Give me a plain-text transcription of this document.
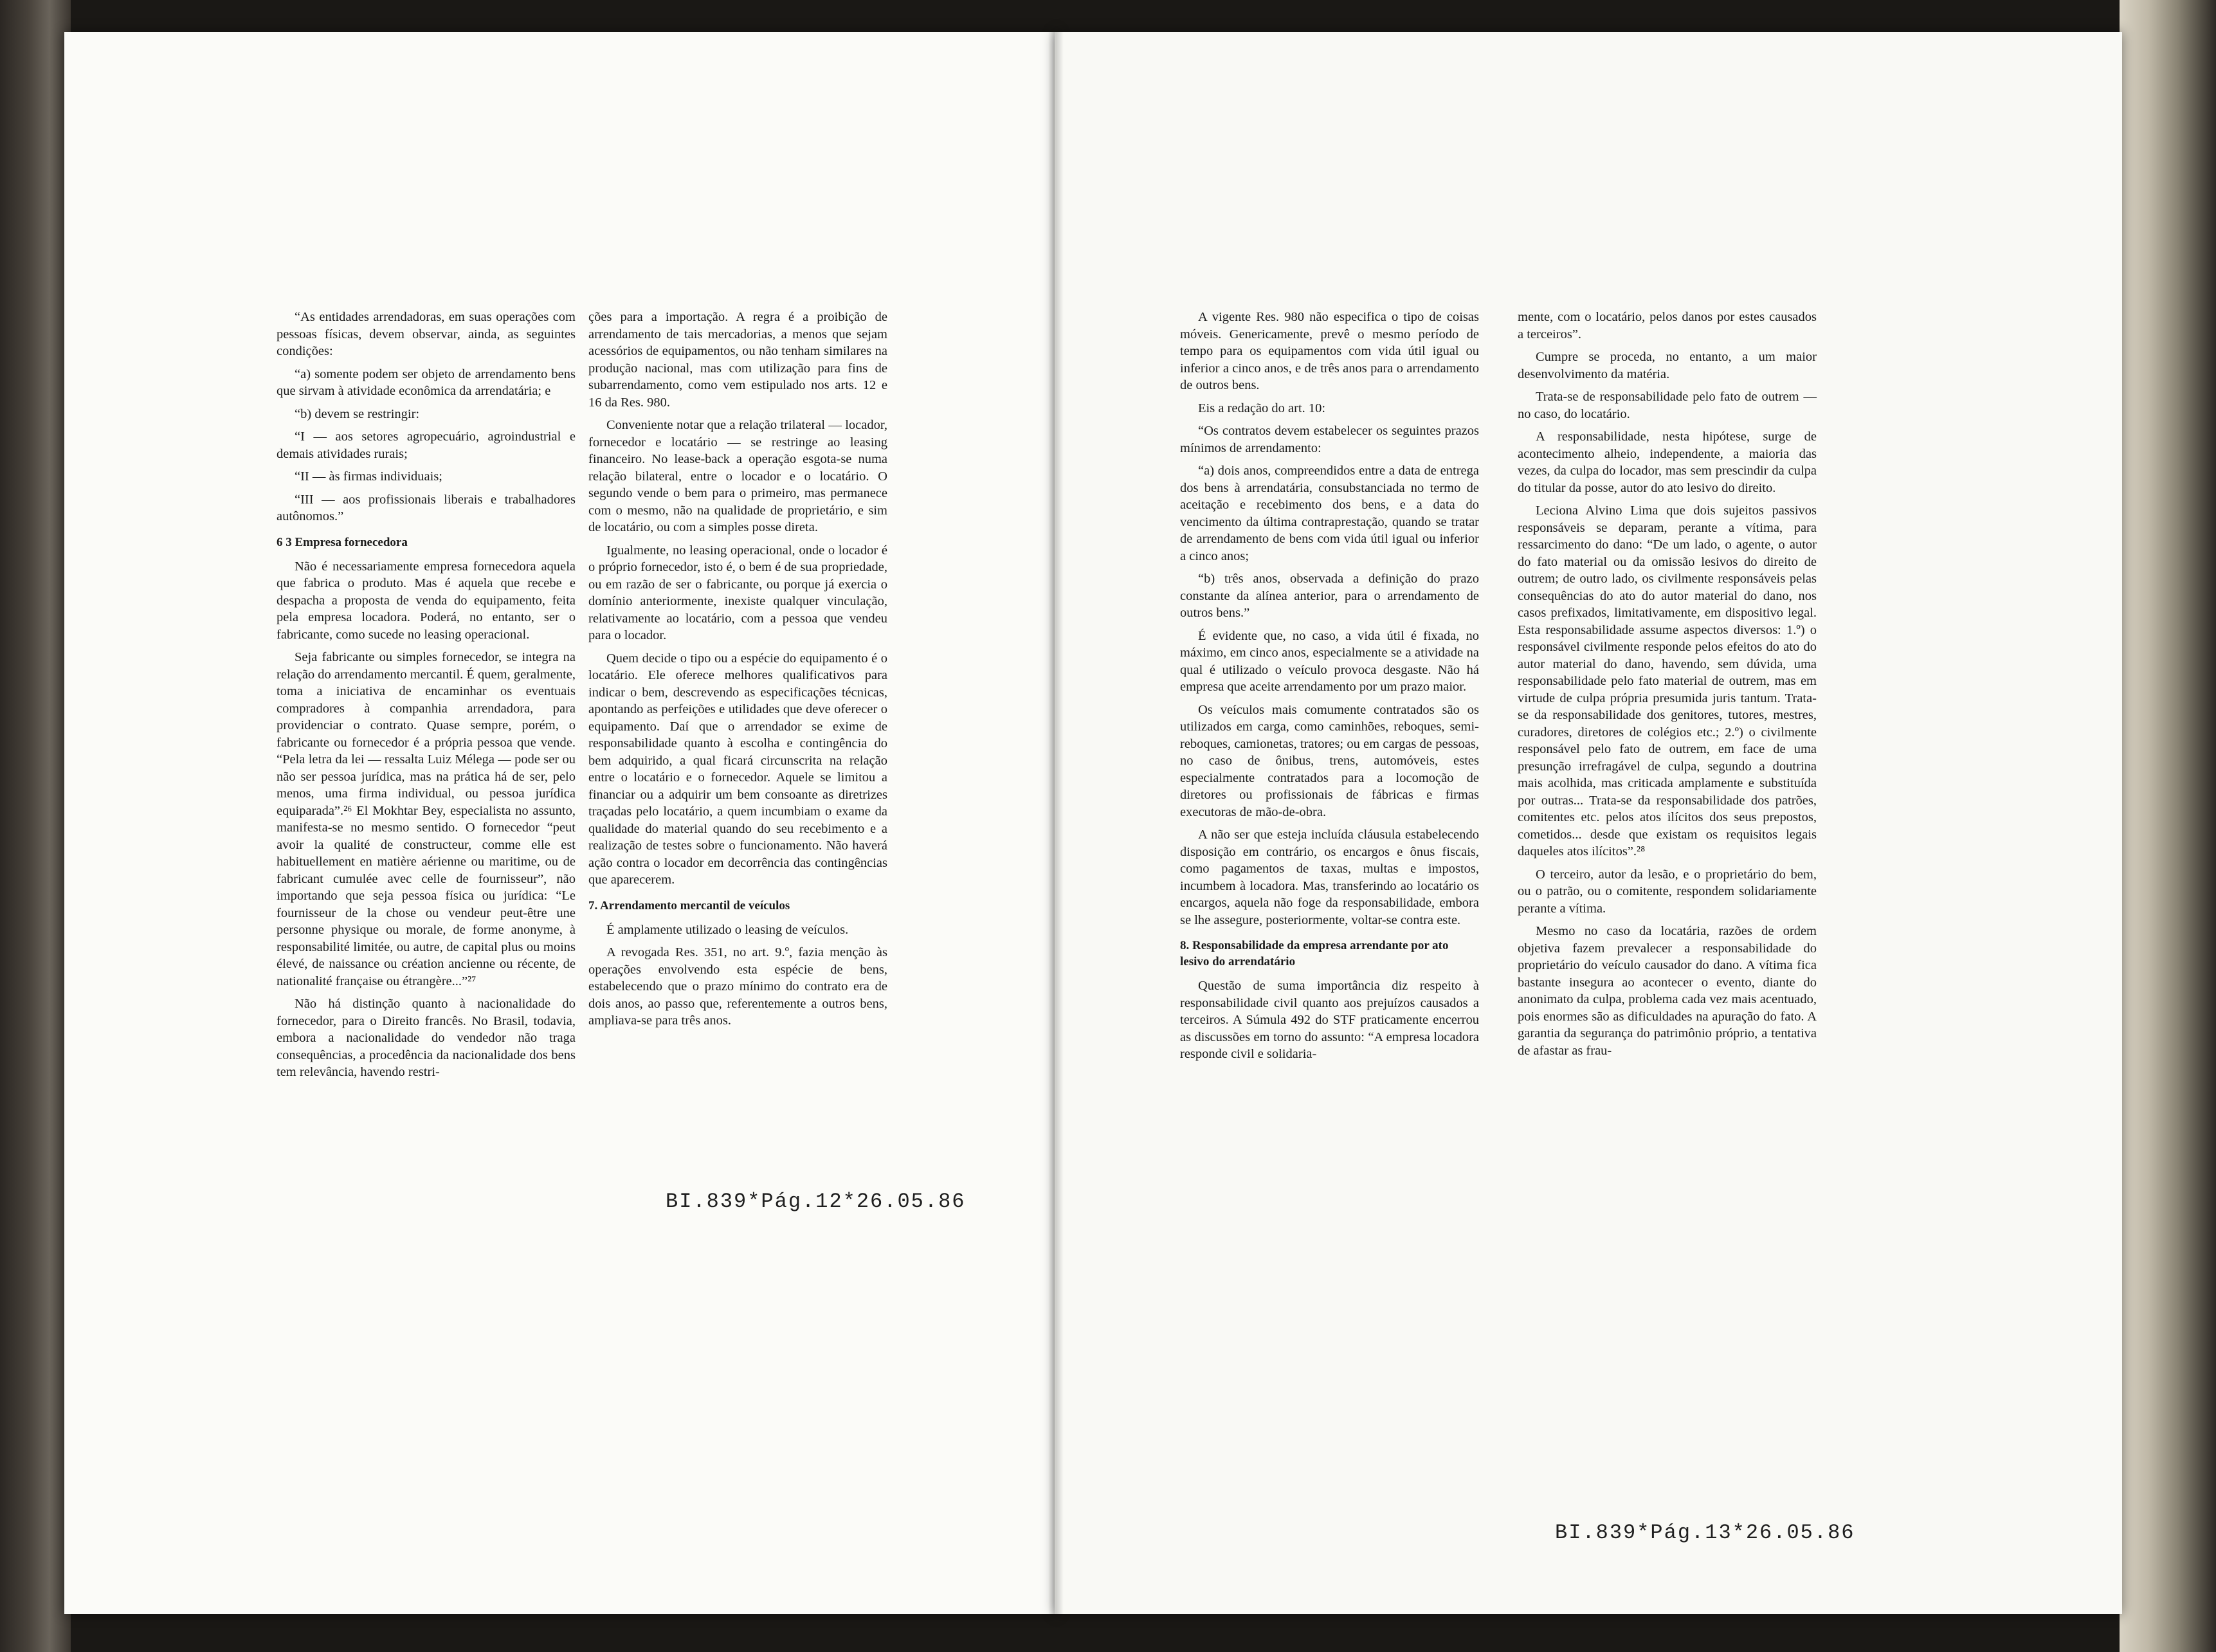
“As entidades arrendadoras, em suas operações com pessoas físicas, devem observar, ainda, as seguintes condições:

“a) somente podem ser objeto de arrendamento bens que sirvam à atividade econômica da arrendatária; e

“b) devem se restringir:

“I — aos setores agropecuário, agroindustrial e demais atividades rurais;

“II — às firmas individuais;

“III — aos profissionais liberais e trabalhadores autônomos.”

6 3 Empresa fornecedora

Não é necessariamente empresa fornecedora aquela que fabrica o produto. Mas é aquela que recebe e despacha a proposta de venda do equipamento, feita pela empresa locadora. Poderá, no entanto, ser o fabricante, como sucede no leasing operacional.

Seja fabricante ou simples fornecedor, se integra na relação do arrendamento mercantil. É quem, geralmente, toma a iniciativa de encaminhar os eventuais compradores à companhia arrendadora, para providenciar o contrato. Quase sempre, porém, o fabricante ou fornecedor é a própria pessoa que vende. “Pela letra da lei — ressalta Luiz Mélega — pode ser ou não ser pessoa jurídica, mas na prática há de ser, pelo menos, uma firma individual, ou pessoa jurídica equiparada”.²⁶ El Mokhtar Bey, especialista no assunto, manifesta-se no mesmo sentido. O fornecedor “peut avoir la qualité de constructeur, comme elle est habituellement en matière aérienne ou maritime, ou de fabricant cumulée avec celle de fournisseur”, não importando que seja pessoa física ou jurídica: “Le fournisseur de la chose ou vendeur peut-être une personne physique ou morale, de forme anonyme, à responsabilité limitée, ou autre, de capital plus ou moins élevé, de naissance ou création ancienne ou récente, de nationalité française ou étrangère...”²⁷

Não há distinção quanto à nacionalidade do fornecedor, para o Direito francês. No Brasil, todavia, embora a nacionalidade do vendedor não traga consequências, a procedência da nacionalidade dos bens tem relevância, havendo restri-

ções para a importação. A regra é a proibição de arrendamento de tais mercadorias, a menos que sejam acessórios de equipamentos, ou não tenham similares na produção nacional, mas com utilização para fins de subarrendamento, como vem estipulado nos arts. 12 e 16 da Res. 980.

Conveniente notar que a relação trilateral — locador, fornecedor e locatário — se restringe ao leasing financeiro. No lease-back a operação esgota-se numa relação bilateral, entre o locador e o locatário. O segundo vende o bem para o primeiro, mas permanece com o mesmo, não na qualidade de proprietário, e sim de locatário, ou com a simples posse direta.

Igualmente, no leasing operacional, onde o locador é o próprio fornecedor, isto é, o bem é de sua propriedade, ou em razão de ser o fabricante, ou porque já exercia o domínio anteriormente, inexiste qualquer vinculação, relativamente ao locatário, com a pessoa que vendeu para o locador.

Quem decide o tipo ou a espécie do equipamento é o locatário. Ele oferece melhores qualificativos para indicar o bem, descrevendo as especificações técnicas, apontando as perfeições e utilidades que deve oferecer o equipamento. Daí que o arrendador se exime de responsabilidade quanto à escolha e contingência do bem adquirido, a qual ficará circunscrita na relação entre o locatário e o fornecedor. Aquele se limitou a financiar ou a adquirir um bem consoante as diretrizes traçadas pelo locatário, a quem incumbiam o exame da qualidade do material quando do seu recebimento e a realização de testes sobre o funcionamento. Não haverá ação contra o locador em decorrência das contingências que aparecerem.

7. Arrendamento mercantil de veículos

É amplamente utilizado o leasing de veículos.

A revogada Res. 351, no art. 9.º, fazia menção às operações envolvendo esta espécie de bens, estabelecendo que o prazo mínimo do contrato era de dois anos, ao passo que, referentemente a outros bens, ampliava-se para três anos.

A vigente Res. 980 não especifica o tipo de coisas móveis. Genericamente, prevê o mesmo período de tempo para os equipamentos com vida útil igual ou inferior a cinco anos, e de três anos para o arrendamento de outros bens.

Eis a redação do art. 10:

“Os contratos devem estabelecer os seguintes prazos mínimos de arrendamento:

“a) dois anos, compreendidos entre a data de entrega dos bens à arrendatária, consubstanciada no termo de aceitação e recebimento dos bens, e a data do vencimento da última contraprestação, quando se tratar de arrendamento de bens com vida útil igual ou inferior a cinco anos;

“b) três anos, observada a definição do prazo constante da alínea anterior, para o arrendamento de outros bens.”

É evidente que, no caso, a vida útil é fixada, no máximo, em cinco anos, especialmente se a atividade na qual é utilizado o veículo provoca desgaste. Não há empresa que aceite arrendamento por um prazo maior.

Os veículos mais comumente contratados são os utilizados em carga, como caminhões, reboques, semi-reboques, camionetas, tratores; ou em cargas de pessoas, no caso de ônibus, trens, automóveis, estes especialmente contratados para a locomoção de diretores ou profissionais de fábricas e firmas executoras de mão-de-obra.

A não ser que esteja incluída cláusula estabelecendo disposição em contrário, os encargos e ônus fiscais, como pagamentos de taxas, multas e impostos, incumbem à locadora. Mas, transferindo ao locatário os encargos, aquela não foge da responsabilidade, embora se lhe assegure, posteriormente, voltar-se contra este.

8. Responsabilidade da empresa arrendante por ato lesivo do arrendatário

Questão de suma importância diz respeito à responsabilidade civil quanto aos prejuízos causados a terceiros. A Súmula 492 do STF praticamente encerrou as discussões em torno do assunto: “A empresa locadora responde civil e solidaria-

mente, com o locatário, pelos danos por estes causados a terceiros”.

Cumpre se proceda, no entanto, a um maior desenvolvimento da matéria.

Trata-se de responsabilidade pelo fato de outrem — no caso, do locatário.

A responsabilidade, nesta hipótese, surge de acontecimento alheio, independente, a maioria das vezes, da culpa do locador, mas sem prescindir da culpa do titular da posse, autor do ato lesivo do direito.

Leciona Alvino Lima que dois sujeitos passivos responsáveis se deparam, perante a vítima, para ressarcimento do dano: “De um lado, o agente, o autor do fato material ou da omissão lesivos do direito de outrem; de outro lado, os civilmente responsáveis pelas consequências do ato do autor material do dano, nos casos prefixados, limitativamente, em dispositivo legal. Esta responsabilidade assume aspectos diversos: 1.º) o responsável civilmente responde pelos efeitos do ato do autor material do dano, havendo, sem dúvida, uma responsabilidade pelo fato material de outrem, mas em virtude de culpa própria presumida juris tantum. Trata-se da responsabilidade dos genitores, tutores, mestres, curadores, diretores de colégios etc.; 2.º) o civilmente responsável pelo fato de outrem, em face de uma presunção irrefragável de culpa, segundo a doutrina mais acolhida, mas criticada amplamente e substituída por outras... Trata-se da responsabilidade dos patrões, comitentes etc. pelos atos ilícitos dos seus prepostos, cometidos... desde que existam os requisitos legais daqueles atos ilícitos”.²⁸

O terceiro, autor da lesão, e o proprietário do bem, ou o patrão, ou o comitente, respondem solidariamente perante a vítima.

Mesmo no caso da locatária, razões de ordem objetiva fazem prevalecer a responsabilidade do proprietário do veículo causador do dano. A vítima fica bastante insegura ao acontecer o evento, diante do anonimato da culpa, problema cada vez mais acentuado, pois enormes são as dificuldades na apuração do fato. A garantia da segurança do patrimônio próprio, a tentativa de afastar as frau-

BI.839*Pág.12*26.05.86
BI.839*Pág.13*26.05.86
